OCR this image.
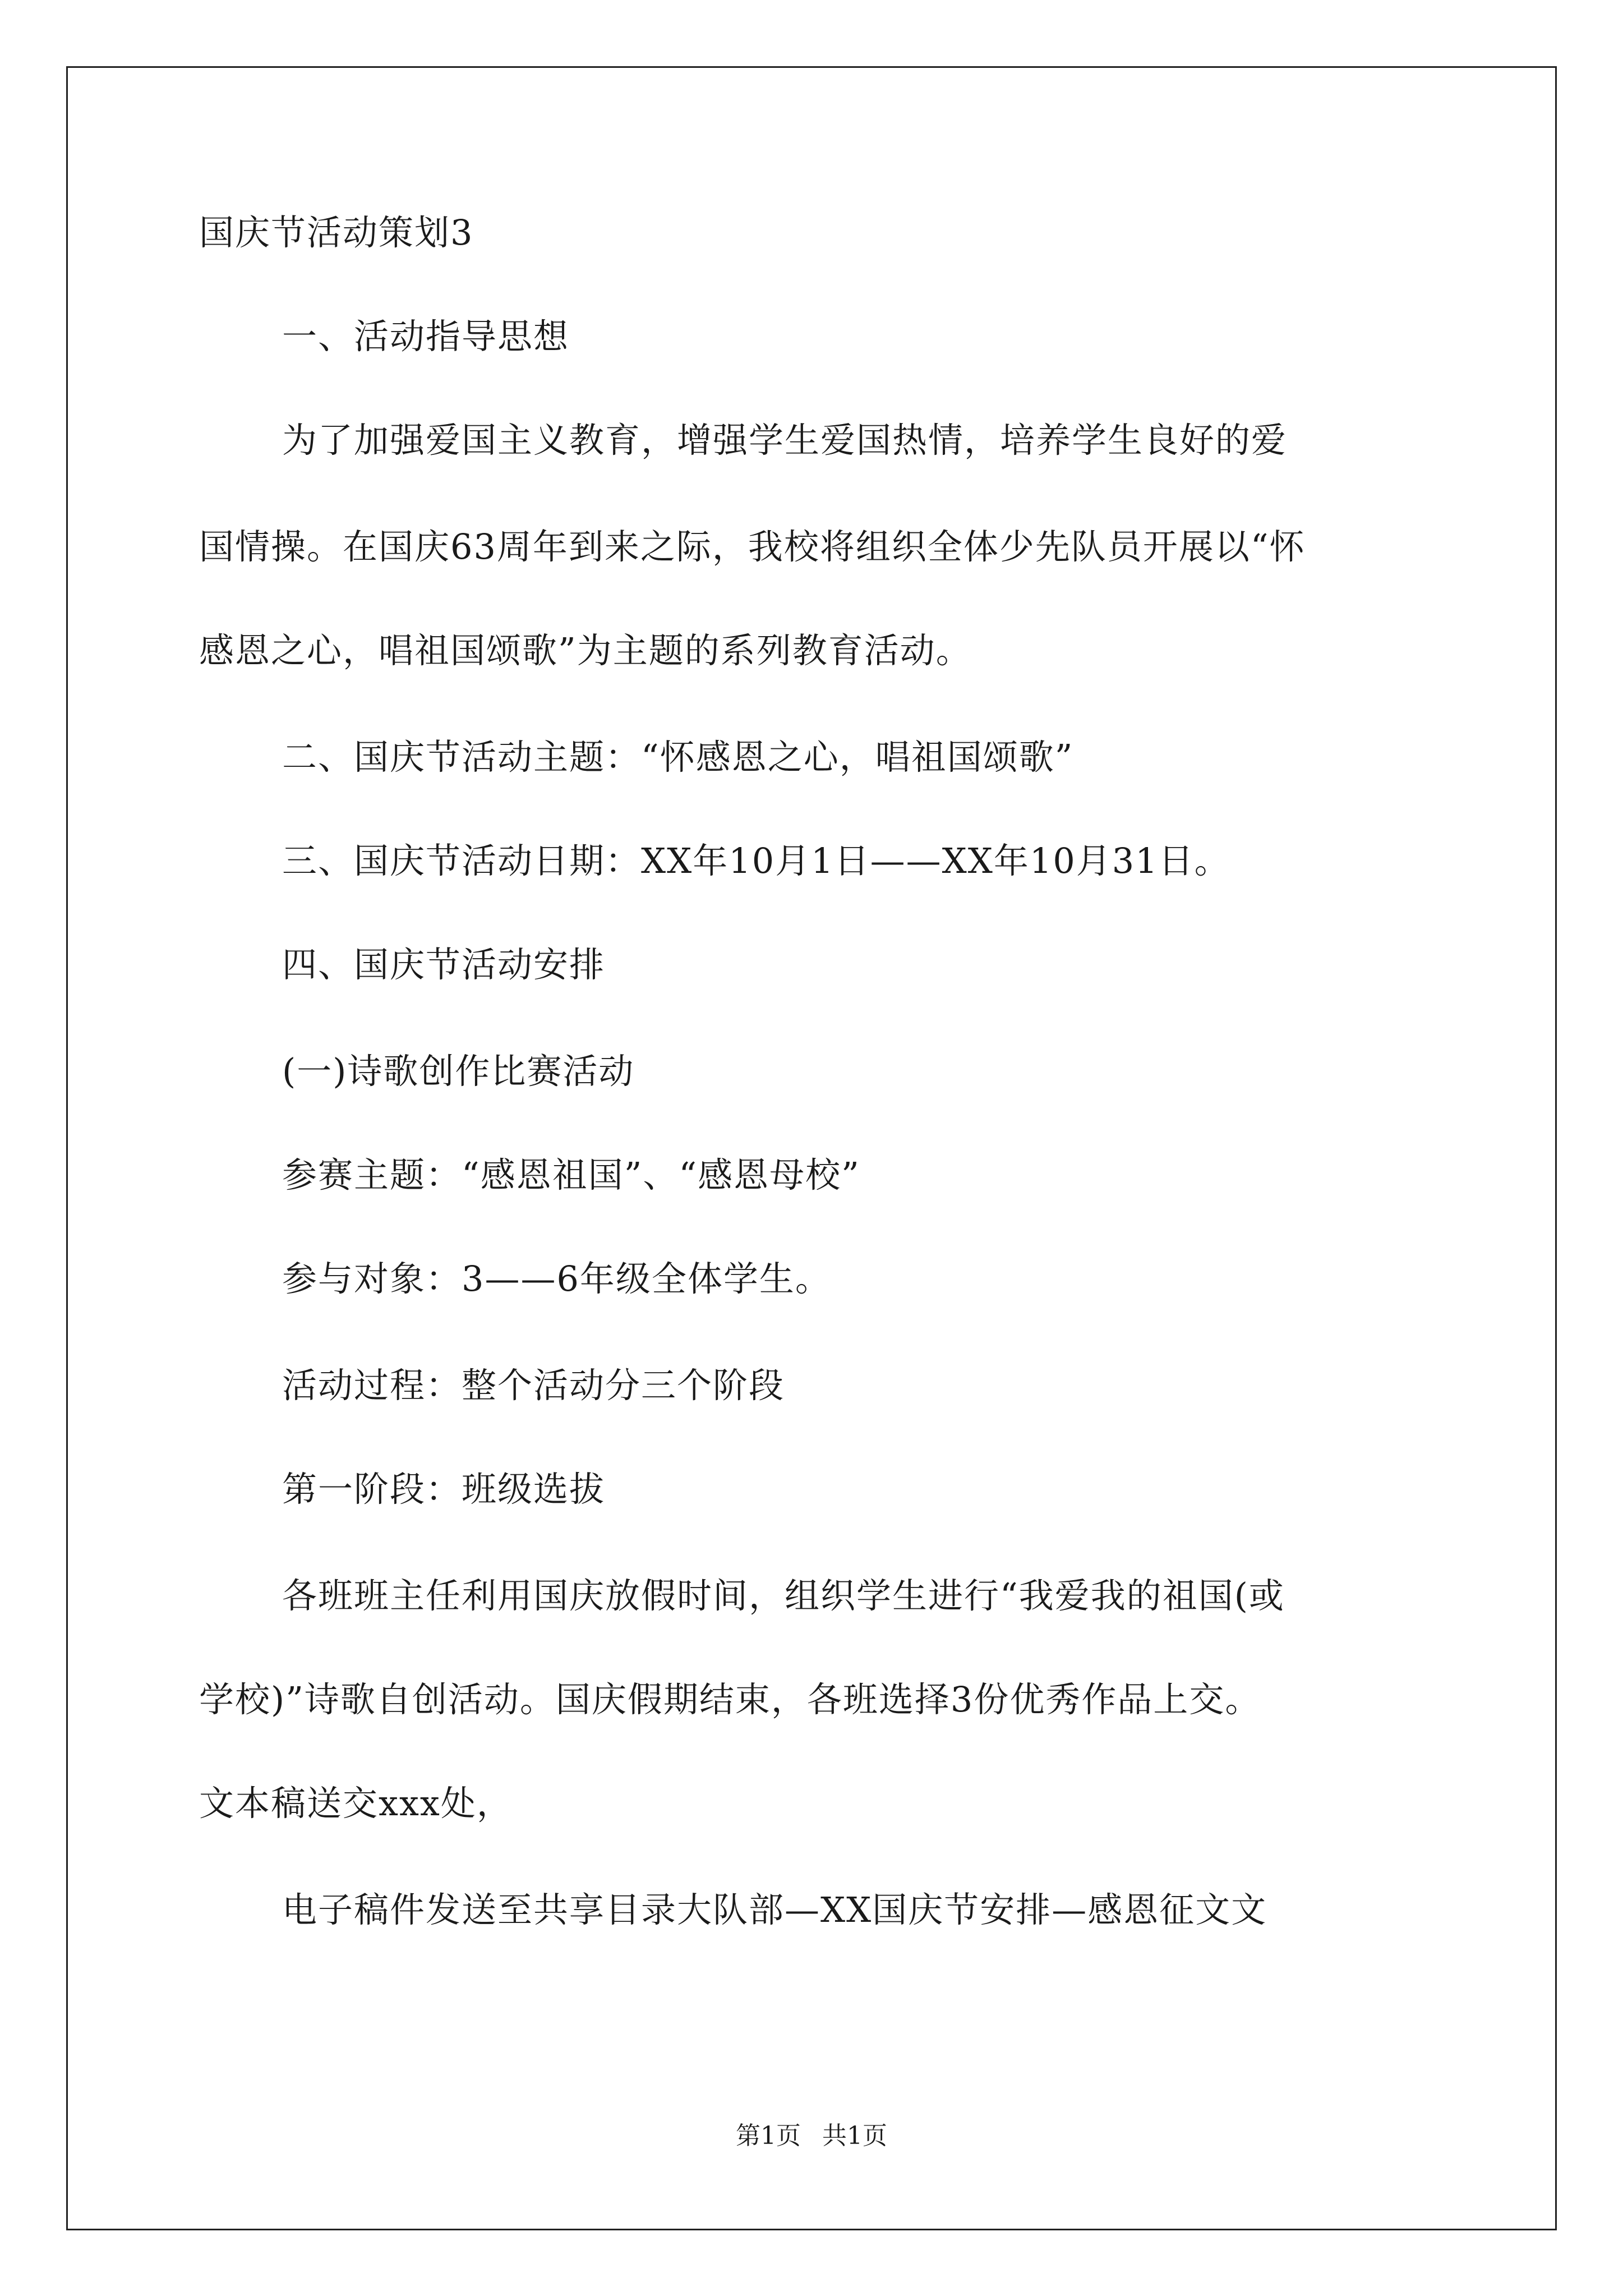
国庆节活动策划3
一、活动指导思想
为了加强爱国主义教育，增强学生爱国热情，培养学生良好的爱
国情操。在国庆63周年到来之际，我校将组织全体少先队员开展以“怀
感恩之心，唱祖国颂歌”为主题的系列教育活动。
二、国庆节活动主题：“怀感恩之心，唱祖国颂歌”
三、国庆节活动日期：XX年10月1日——XX年10月31日。
四、国庆节活动安排
(一)诗歌创作比赛活动
参赛主题：“感恩祖国”、“感恩母校”
参与对象：3——6年级全体学生。
活动过程：整个活动分三个阶段
第一阶段：班级选拔
各班班主任利用国庆放假时间，组织学生进行“我爱我的祖国(或
学校)”诗歌自创活动。国庆假期结束，各班选择3份优秀作品上交。
文本稿送交xxx处，
电子稿件发送至共享目录大队部—XX国庆节安排—感恩征文文
第1页 共1页
